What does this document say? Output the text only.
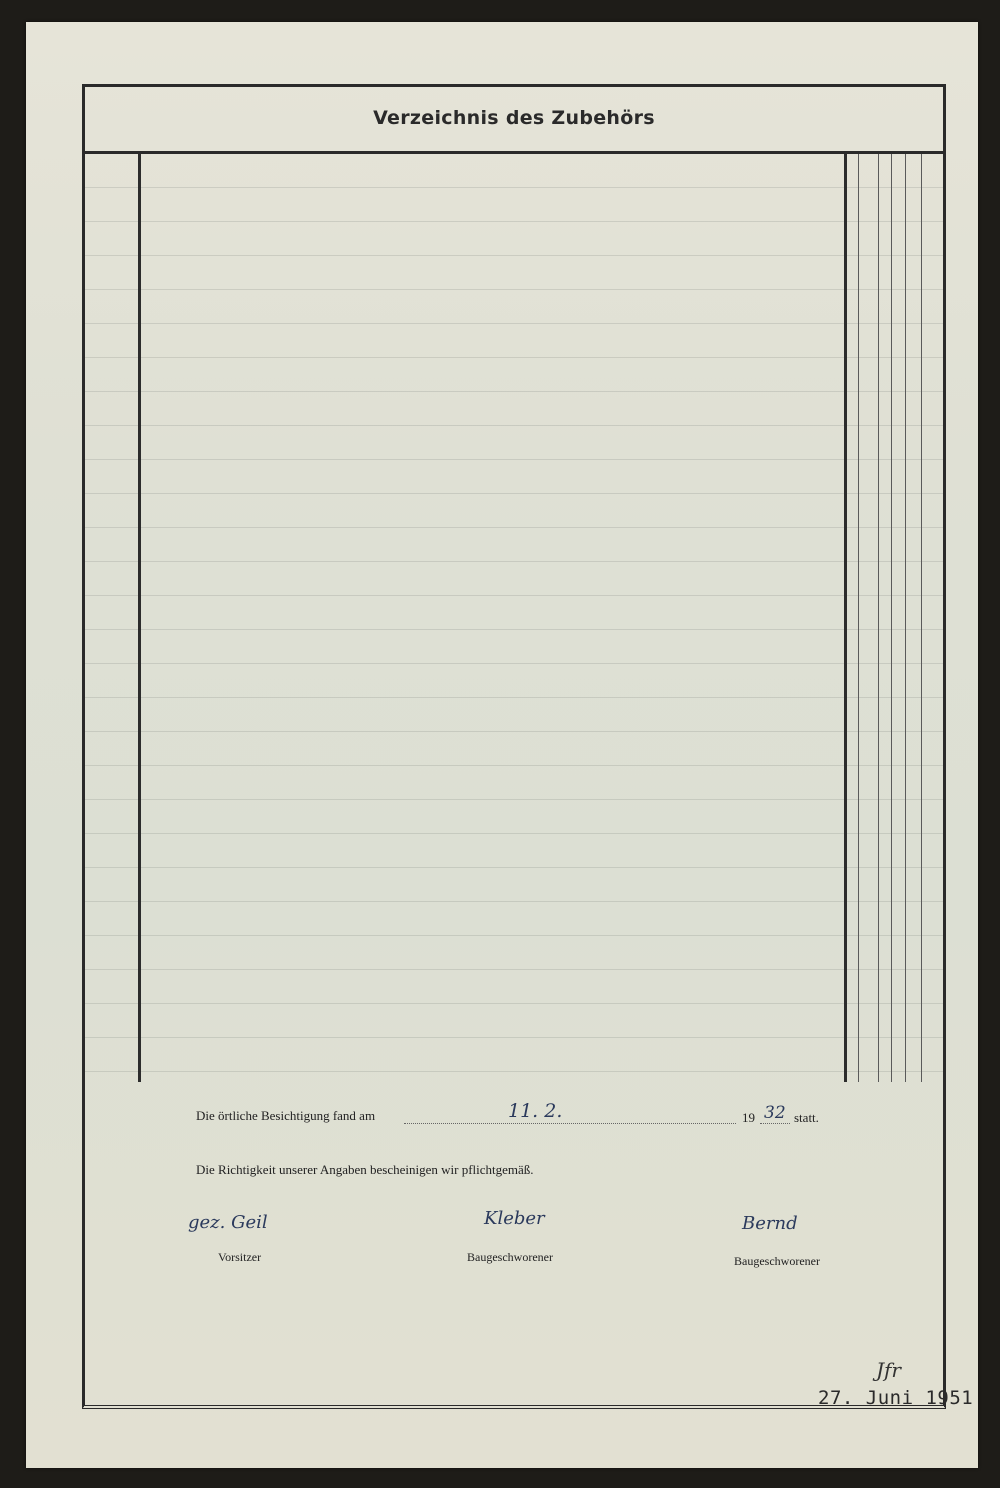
Verzeichnis des Zubehörs
Die örtliche Besichtigung fand am	11. 2.	19 32 statt.
Die Richtigkeit unserer Angaben bescheinigen wir pflichtgemäß.
gez. Geil
Vorsitzer
Kleber
Baugeschworener
Bernd
Baugeschworener
Jfr
27. Juni 1951
